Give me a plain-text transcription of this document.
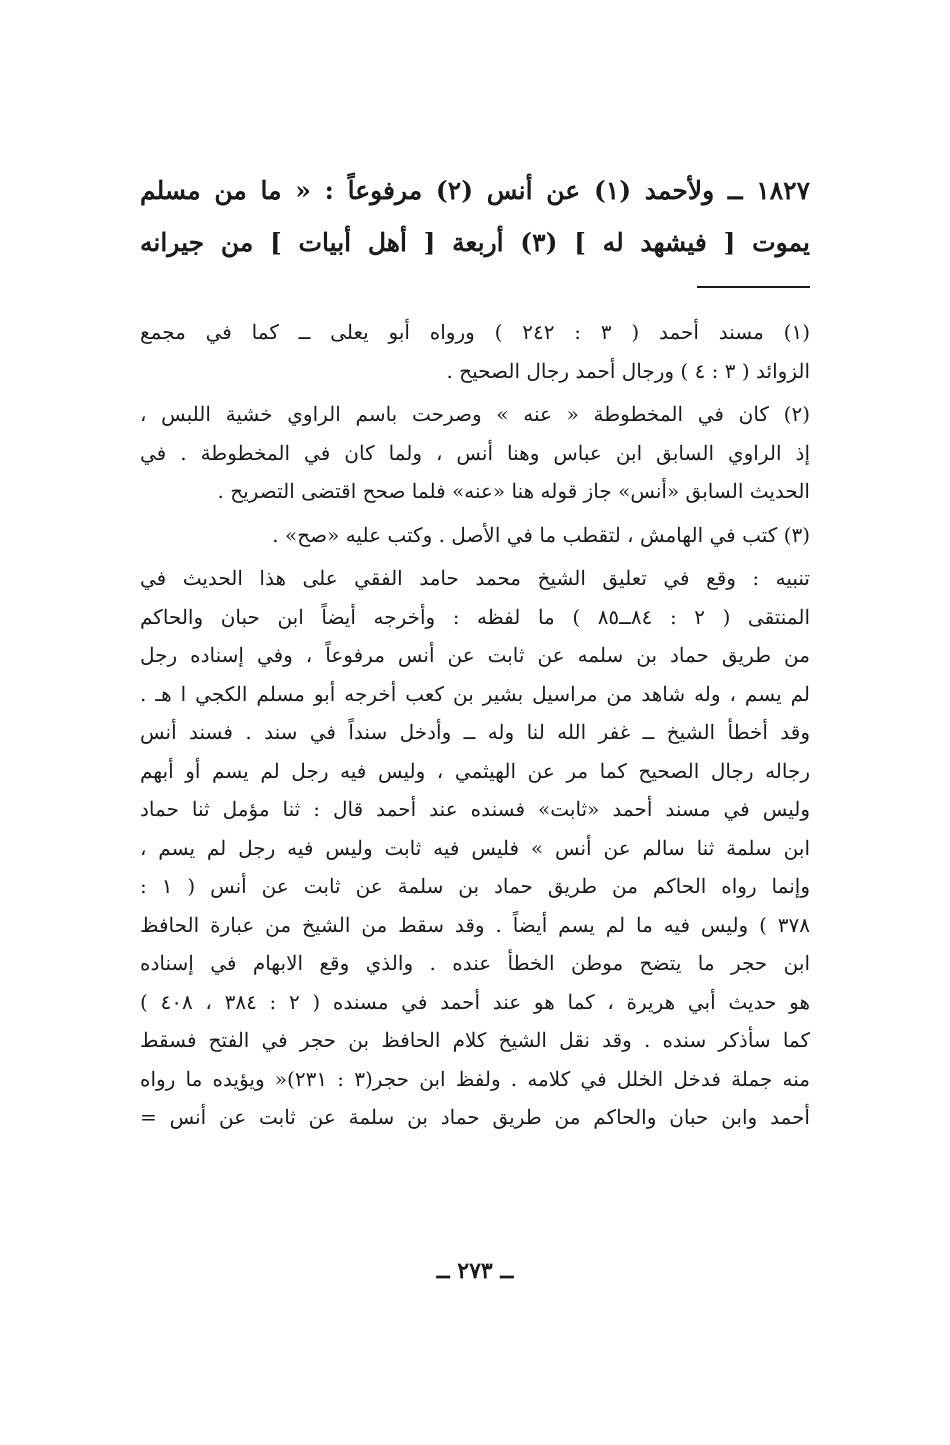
١٨٢٧ ــ ولأحمد (١) عن أنس (٢) مرفوعاً : « ما من مسلم
يموت [ فيشهد له ] (٣) أربعة [ أهل أبيات ] من جيرانه
(١) مسند أحمد ( ٣ : ٢٤٢ ) ورواه أبو يعلى ــ كما في مجمع
الزوائد ( ٣ : ٤ ) ورجال أحمد رجال الصحيح .
(٢) كان في المخطوطة « عنه » وصرحت باسم الراوي خشية اللبس ،
إذ الراوي السابق ابن عباس وهنا أنس ، ولما كان في المخطوطة . في
الحديث السابق «أنس» جاز قوله هنا «عنه» فلما صحح اقتضى التصريح .
(٣) كتب في الهامش ، لتقطب ما في الأصل . وكتب عليه «صح» .
تنبيه : وقع في تعليق الشيخ محمد حامد الفقي على هذا الحديث في
المنتقى ( ٢ : ٨٤ــ٨٥ ) ما لفظه : وأخرجه أيضاً ابن حبان والحاكم
من طريق حماد بن سلمه عن ثابت عن أنس مرفوعاً ، وفي إسناده رجل
لم يسم ، وله شاهد من مراسيل بشير بن كعب أخرجه أبو مسلم الكجي ا هـ .
وقد أخطأ الشيخ ــ غفر الله لنا وله ــ وأدخل سنداً في سند . فسند أنس
رجاله رجال الصحيح كما مر عن الهيثمي ، وليس فيه رجل لم يسم أو أبهم
وليس في مسند أحمد «ثابت» فسنده عند أحمد قال : ثنا مؤمل ثنا حماد
ابن سلمة ثنا سالم عن أنس » فليس فيه ثابت وليس فيه رجل لم يسم ،
وإنما رواه الحاكم من طريق حماد بن سلمة عن ثابت عن أنس ( ١ :
٣٧٨ ) وليس فيه ما لم يسم أيضاً . وقد سقط من الشيخ من عبارة الحافظ
ابن حجر ما يتضح موطن الخطأ عنده . والذي وقع الابهام في إسناده
هو حديث أبي هريرة ، كما هو عند أحمد في مسنده ( ٢ : ٣٨٤ ، ٤٠٨ )
كما سأذكر سنده . وقد نقل الشيخ كلام الحافظ بن حجر في الفتح فسقط
منه جملة فدخل الخلل في كلامه . ولفظ ابن حجر(٣ : ٢٣١)« ويؤيده ما رواه
أحمد وابن حبان والحاكم من طريق حماد بن سلمة عن ثابت عن أنس =
ــ ٢٧٣ ــ
